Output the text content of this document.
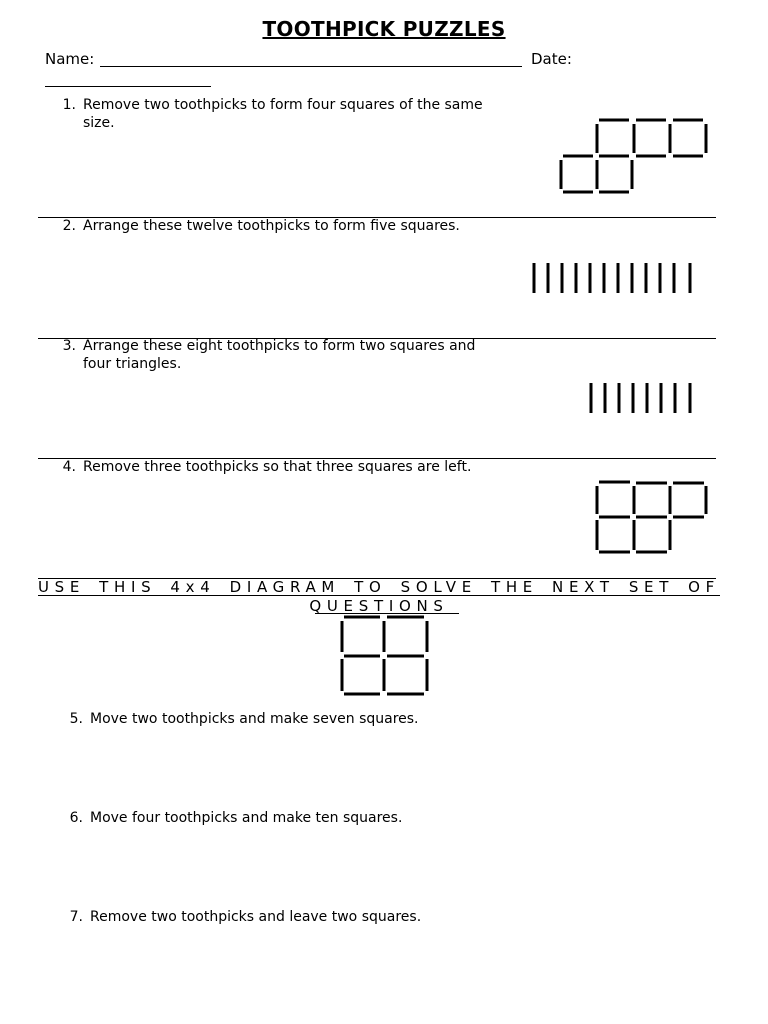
TOOTHPICK PUZZLES
Name:	Date:
1. Remove two toothpicks to form four squares of the same size.
2. Arrange these twelve toothpicks to form five squares.
3. Arrange these eight toothpicks to form two squares and four triangles.
4. Remove three toothpicks so that three squares are left.
USE THIS 4x4 DIAGRAM TO SOLVE THE NEXT SET OF QUESTIONS
5. Move two toothpicks and make seven squares.
6. Move four toothpicks and make ten squares.
7. Remove two toothpicks and leave two squares.
